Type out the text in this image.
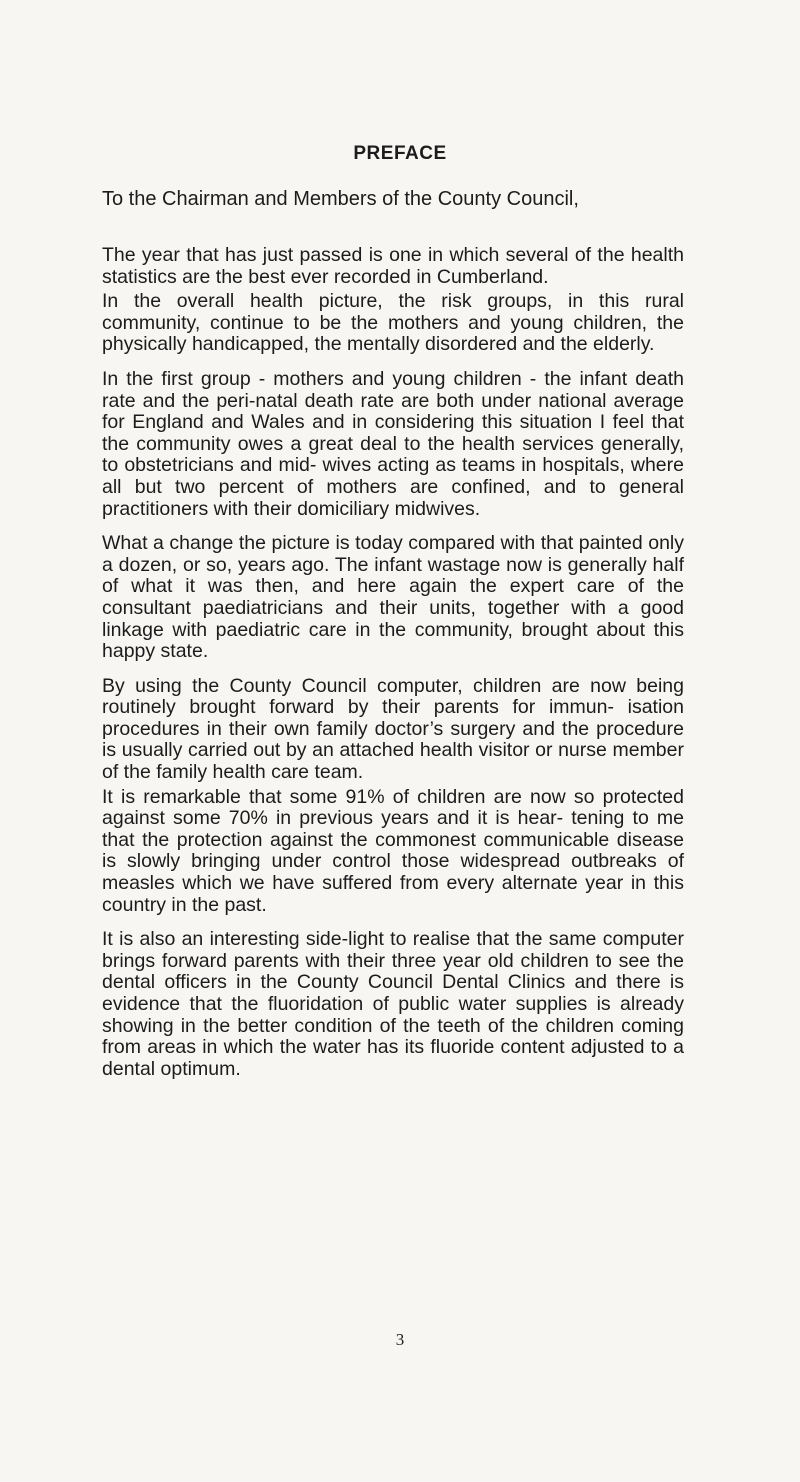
PREFACE
To the Chairman and Members of the County Council,

The year that has just passed is one in which several of the health statistics are the best ever recorded in Cumberland.

In the overall health picture, the risk groups, in this rural community, continue to be the mothers and young children, the physically handicapped, the mentally disordered and the elderly.

In the first group - mothers and young children - the infant death rate and the peri-natal death rate are both under national average for England and Wales and in considering this situation I feel that the community owes a great deal to the health services generally, to obstetricians and mid- wives acting as teams in hospitals, where all but two percent of mothers are confined, and to general practitioners with their domiciliary midwives.

What a change the picture is today compared with that painted only a dozen, or so, years ago. The infant wastage now is generally half of what it was then, and here again the expert care of the consultant paediatricians and their units, together with a good linkage with paediatric care in the community, brought about this happy state.

By using the County Council computer, children are now being routinely brought forward by their parents for immun- isation procedures in their own family doctor’s surgery and the procedure is usually carried out by an attached health visitor or nurse member of the family health care team.

It is remarkable that some 91% of children are now so protected against some 70% in previous years and it is hear- tening to me that the protection against the commonest communicable disease is slowly bringing under control those widespread outbreaks of measles which we have suffered from every alternate year in this country in the past.

It is also an interesting side-light to realise that the same computer brings forward parents with their three year old children to see the dental officers in the County Council Dental Clinics and there is evidence that the fluoridation of public water supplies is already showing in the better condition of the teeth of the children coming from areas in which the water has its fluoride content adjusted to a dental optimum.

3
